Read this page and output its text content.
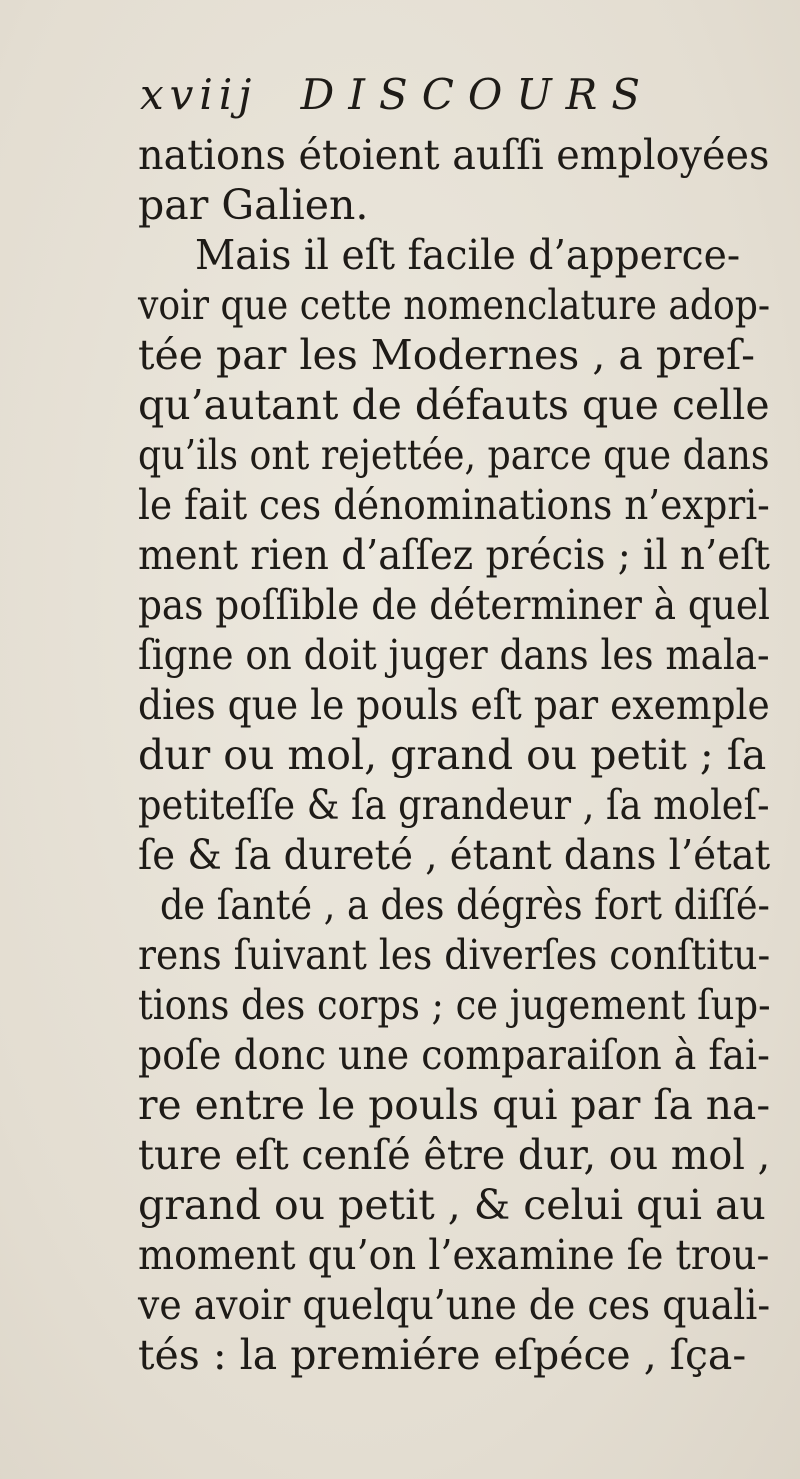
xviij DISCOURS
nations étoient auſſi employées
par Galien.
Mais il eſt facile d’apperce-
voir que cette nomenclature adop-
tée par les Modernes , a preſ-
qu’autant de défauts que celle
qu’ils ont rejettée, parce que dans
le fait ces dénominations n’expri-
ment rien d’aſſez précis ; il n’eſt
pas poſſible de déterminer à quel
ſigne on doit juger dans les mala-
dies que le pouls eſt par exemple
dur ou mol, grand ou petit ; ſa
petiteſſe & ſa grandeur , ſa moleſ-
ſe & ſa dureté , étant dans l’état
de ſanté , a des dégrès fort diſſé-
rens ſuivant les diverſes conſtitu-
tions des corps ; ce jugement ſup-
poſe donc une comparaiſon à fai-
re entre le pouls qui par ſa na-
ture eſt cenſé être dur, ou mol ,
grand ou petit , & celui qui au
moment qu’on l’examine ſe trou-
ve avoir quelqu’une de ces quali-
tés : la premiére eſpéce , ſça-
